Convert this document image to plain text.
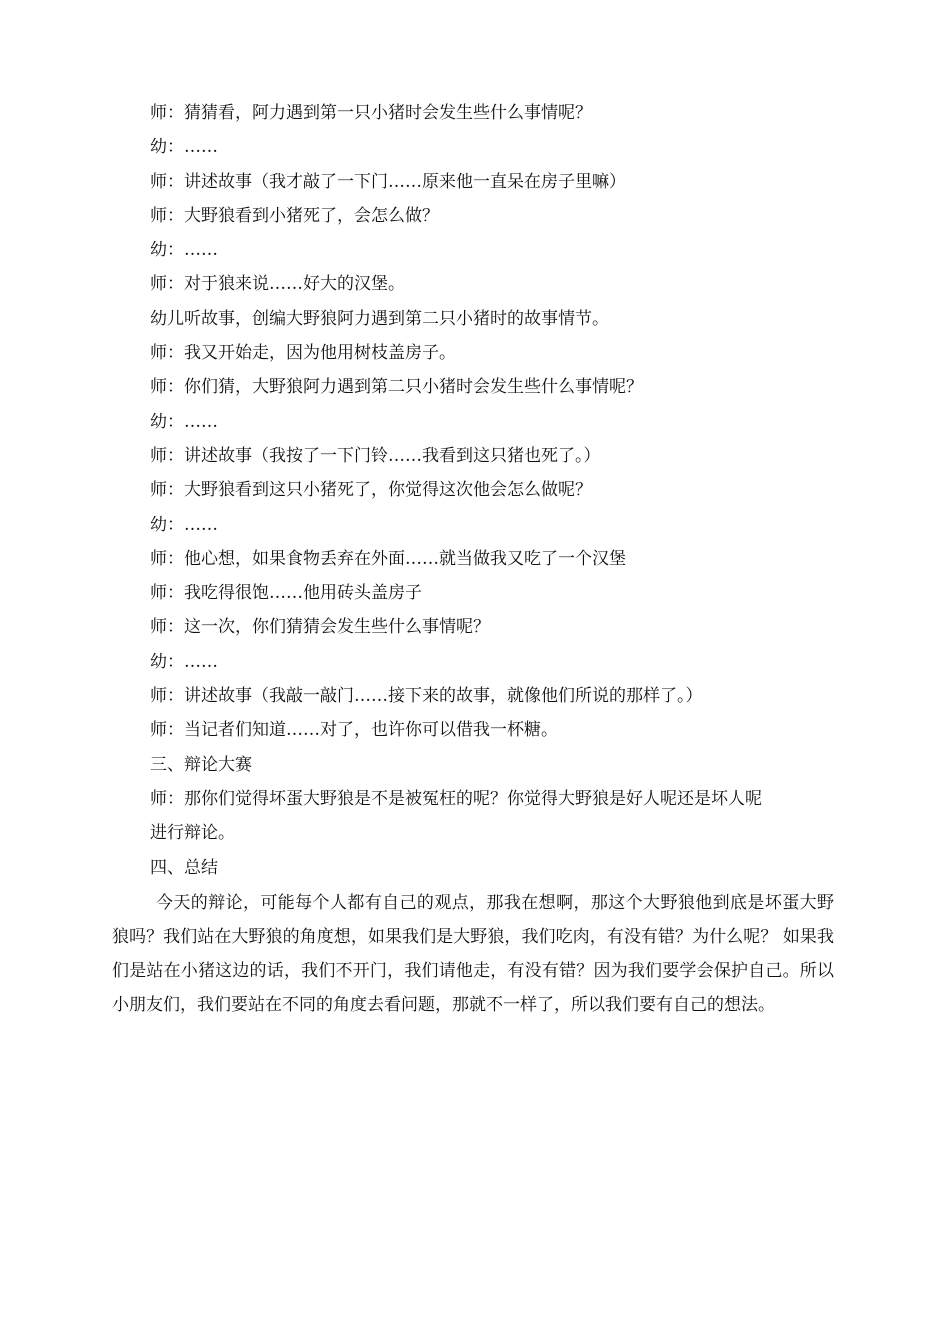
师：猜猜看，阿力遇到第一只小猪时会发生些什么事情呢？
幼：……
师：讲述故事（我才敲了一下门……原来他一直呆在房子里嘛）
师：大野狼看到小猪死了，会怎么做？
幼：……
师：对于狼来说……好大的汉堡。
幼儿听故事，创编大野狼阿力遇到第二只小猪时的故事情节。
师：我又开始走，因为他用树枝盖房子。
师：你们猜，大野狼阿力遇到第二只小猪时会发生些什么事情呢？
幼：……
师：讲述故事（我按了一下门铃……我看到这只猪也死了。）
师：大野狼看到这只小猪死了，你觉得这次他会怎么做呢？
幼：……
师：他心想，如果食物丢弃在外面……就当做我又吃了一个汉堡
师：我吃得很饱……他用砖头盖房子
师：这一次，你们猜猜会发生些什么事情呢？
幼：……
师：讲述故事（我敲一敲门……接下来的故事，就像他们所说的那样了。）
师：当记者们知道……对了，也许你可以借我一杯糖。
三、辩论大赛
师：那你们觉得坏蛋大野狼是不是被冤枉的呢？你觉得大野狼是好人呢还是坏人呢
进行辩论。
四、总结
今天的辩论，可能每个人都有自己的观点，那我在想啊，那这个大野狼他到底是坏蛋大野狼吗？我们站在大野狼的角度想，如果我们是大野狼，我们吃肉，有没有错？为什么呢？ 如果我们是站在小猪这边的话，我们不开门，我们请他走，有没有错？因为我们要学会保护自己。所以小朋友们，我们要站在不同的角度去看问题，那就不一样了，所以我们要有自己的想法。
